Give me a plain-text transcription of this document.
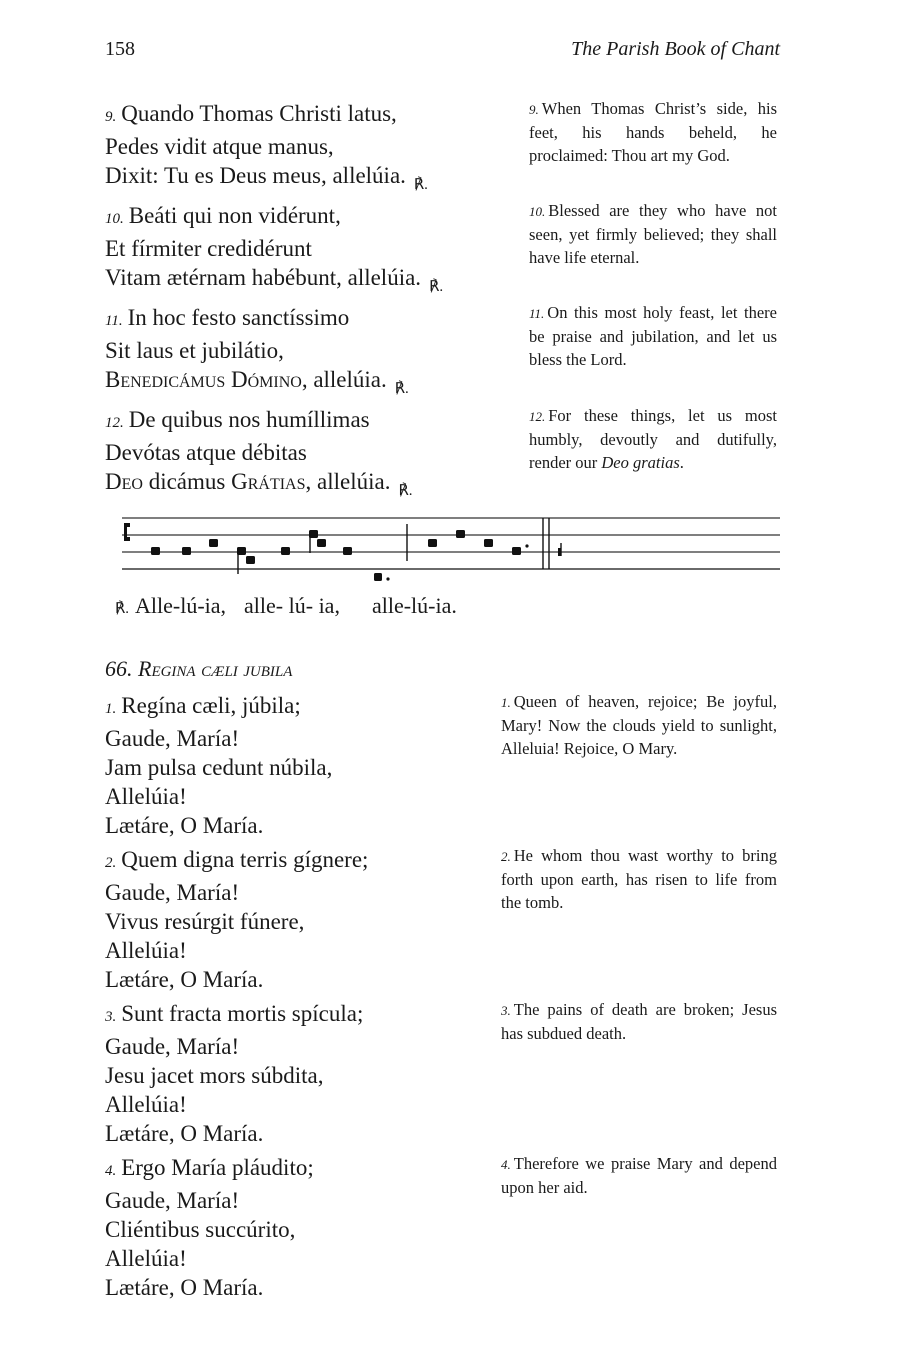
158	The Parish Book of Chant
9. Quando Thomas Christi latus,
Pedes vidit atque manus,
Dixit: Tu es Deus meus, allelúia. $_{℟.}$
9. When Thomas Christ’s side, his feet, his hands beheld, he proclaimed: Thou art my God.
10. Beáti qui non vidérunt,
Et fírmiter credidérunt
Vitam ætérnam habébunt, allelúia. $_{℟.}$
10. Blessed are they who have not seen, yet firmly believed; they shall have life eternal.
11. In hoc festo sanctíssimo
Sit laus et jubilátio,
Benedicámus Dómino, allelúia. $_{℟.}$
11. On this most holy feast, let there be praise and jubilation, and let us bless the Lord.
12. De quibus nos humíllimas
Devótas atque débitas
Deo dicámus Grátias, allelúia. $_{℟.}$
12. For these things, let us most humbly, devoutly and dutifully, render our Deo gratias.
℟. Alle-lú-ia, alle- lú- ia, alle-lú-ia.
66. Regina cæli jubila
1. Regína cæli, júbila;
Gaude, María!
Jam pulsa cedunt núbila,
Allelúia!
Lætáre, O María.
1. Queen of heaven, rejoice; Be joyful, Mary! Now the clouds yield to sunlight, Alleluia! Rejoice, O Mary.
2. Quem digna terris gígnere;
Gaude, María!
Vivus resúrgit fúnere,
Allelúia!
Lætáre, O María.
2. He whom thou wast worthy to bring forth upon earth, has risen to life from the tomb.
3. Sunt fracta mortis spícula;
Gaude, María!
Jesu jacet mors súbdita,
Allelúia!
Lætáre, O María.
3. The pains of death are broken; Jesus has subdued death.
4. Ergo María pláudito;
Gaude, María!
Cliéntibus succúrito,
Allelúia!
Lætáre, O María.
4. Therefore we praise Mary and depend upon her aid.
